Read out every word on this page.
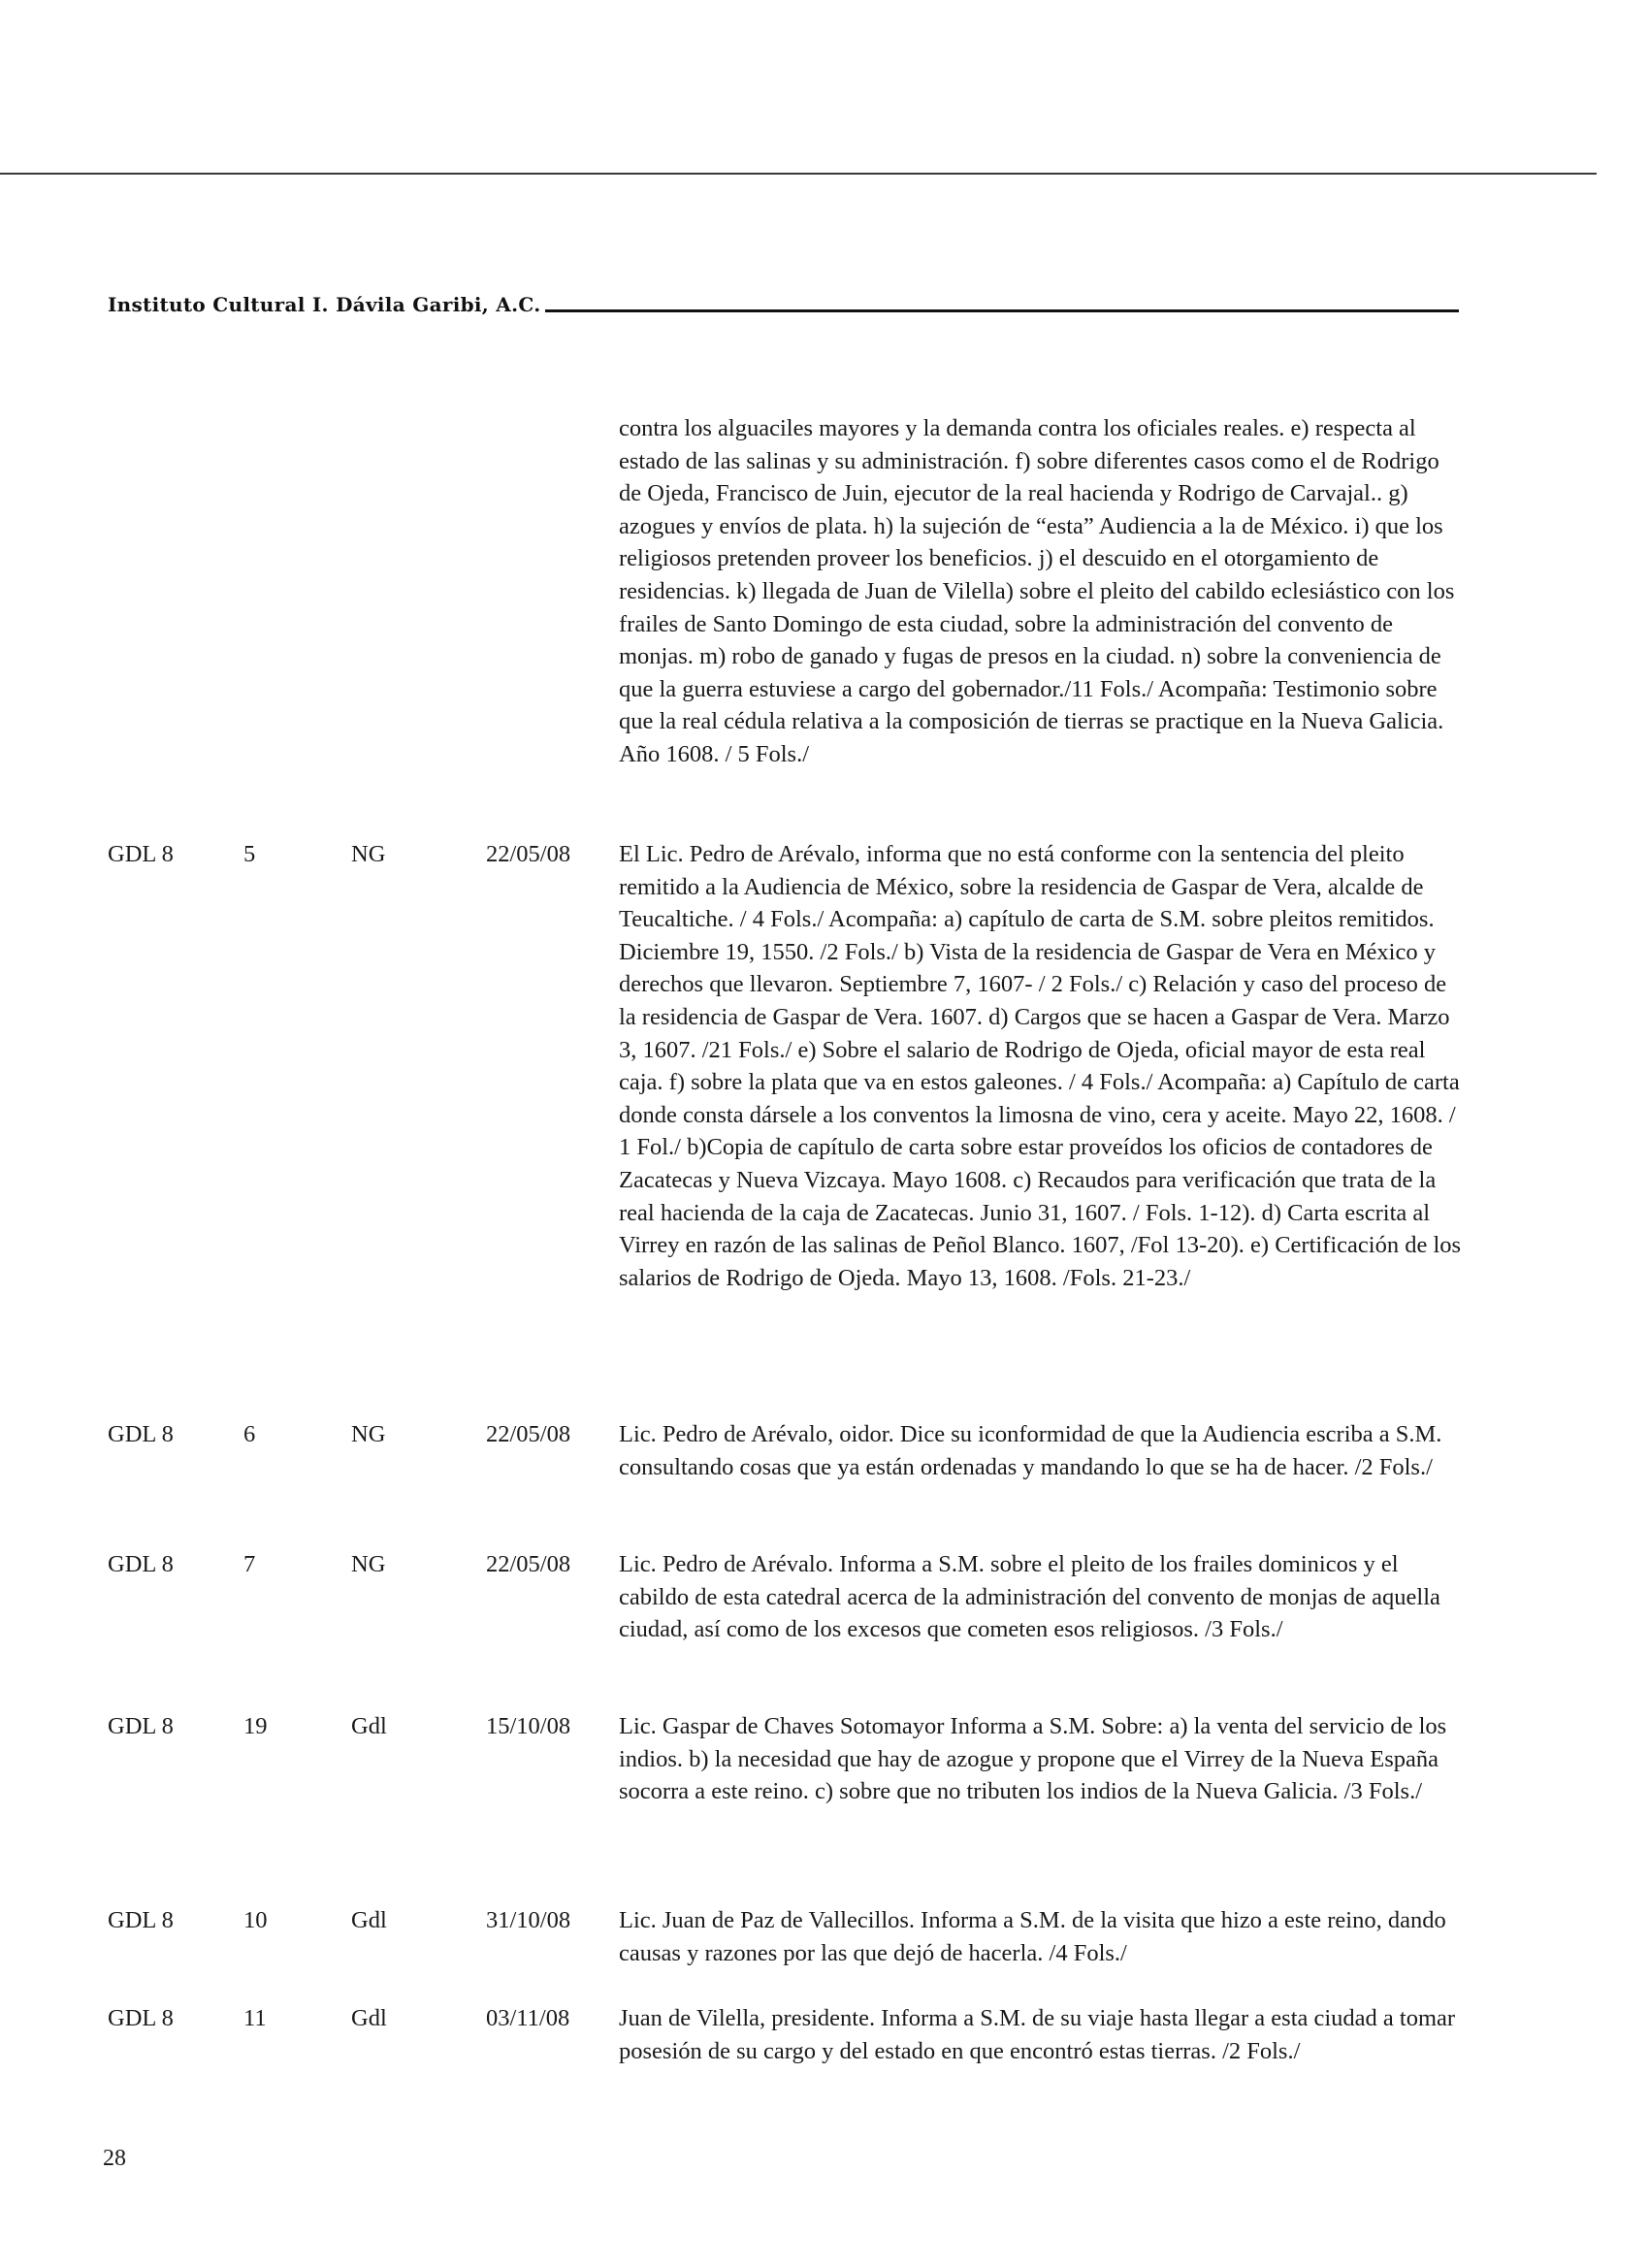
Instituto Cultural I. Dávila Garibi, A.C.
contra los alguaciles mayores y la demanda contra los oficiales reales. e) respecta al estado de las salinas y su administración. f) sobre diferentes casos como el de Rodrigo de Ojeda, Francisco de Juin, ejecutor de la real hacienda y Rodrigo de Carvajal.. g) azogues y envíos de plata. h) la sujeción de “esta” Audiencia a la de México. i) que los religiosos pretenden proveer los beneficios. j) el descuido en el otorgamiento de residencias. k) llegada de Juan de Vilella) sobre el pleito del cabildo eclesiástico con los frailes de Santo Domingo de esta ciudad, sobre la administración del convento de monjas. m) robo de ganado y fugas de presos en la ciudad. n) sobre la conveniencia de que la guerra estuviese a cargo del gobernador./11 Fols./ Acompaña: Testimonio sobre que la real cédula relativa a la composición de tierras se practique en la Nueva Galicia. Año 1608. / 5 Fols./
GDL 8	5	NG	22/05/08 El Lic. Pedro de Arévalo, informa que no está conforme con la sentencia del pleito remitido a la Audiencia de México, sobre la residencia de Gaspar de Vera, alcalde de Teucaltiche. / 4 Fols./ Acompaña: a) capítulo de carta de S.M. sobre pleitos remitidos. Diciembre 19, 1550. /2 Fols./ b) Vista de la residencia de Gaspar de Vera en México y derechos que llevaron. Septiembre 7, 1607- / 2 Fols./ c) Relación y caso del proceso de la residencia de Gaspar de Vera. 1607. d) Cargos que se hacen a Gaspar de Vera. Marzo 3, 1607. /21 Fols./ e) Sobre el salario de Rodrigo de Ojeda, oficial mayor de esta real caja. f) sobre la plata que va en estos galeones. / 4 Fols./ Acompaña: a) Capítulo de carta donde consta dársele a los conventos la limosna de vino, cera y aceite. Mayo 22, 1608. / 1 Fol./ b)Copia de capítulo de carta sobre estar proveídos los oficios de contadores de Zacatecas y Nueva Vizcaya. Mayo 1608. c) Recaudos para verificación que trata de la real hacienda de la caja de Zacatecas. Junio 31, 1607. / Fols. 1-12). d) Carta escrita al Virrey en razón de las salinas de Peñol Blanco. 1607, /Fol 13-20). e) Certificación de los salarios de Rodrigo de Ojeda. Mayo 13, 1608. /Fols. 21-23./
GDL 8	6	NG	22/05/08 Lic. Pedro de Arévalo, oidor. Dice su iconformidad de que la Audiencia escriba a S.M. consultando cosas que ya están ordenadas y mandando lo que se ha de hacer. /2 Fols./
GDL 8	7	NG	22/05/08 Lic. Pedro de Arévalo. Informa a S.M. sobre el pleito de los frailes dominicos y el cabildo de esta catedral acerca de la administración del convento de monjas de aquella ciudad, así como de los excesos que cometen esos religiosos. /3 Fols./
GDL 8	19	Gdl	15/10/08 Lic. Gaspar de Chaves Sotomayor Informa a S.M. Sobre: a) la venta del servicio de los indios. b) la necesidad que hay de azogue y propone que el Virrey de la Nueva España socorra a este reino. c) sobre que no tributen los indios de la Nueva Galicia. /3 Fols./
GDL 8	10	Gdl	31/10/08 Lic. Juan de Paz de Vallecillos. Informa a S.M. de la visita que hizo a este reino, dando causas y razones por las que dejó de hacerla. /4 Fols./
GDL 8	11	Gdl	03/11/08 Juan de Vilella, presidente. Informa a S.M. de su viaje hasta llegar a esta ciudad a tomar posesión de su cargo y del estado en que encontró estas tierras. /2 Fols./
28
